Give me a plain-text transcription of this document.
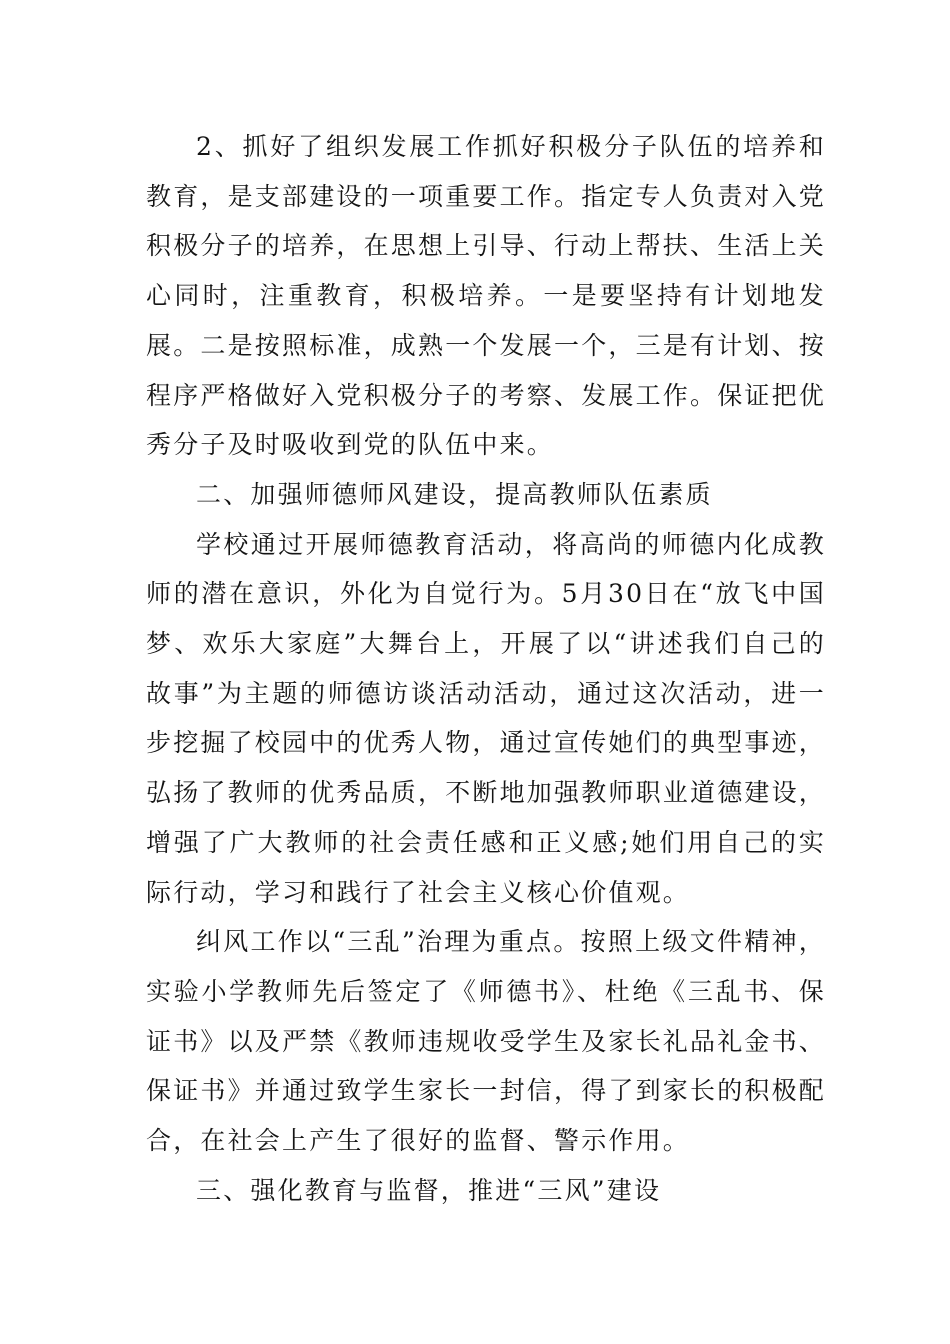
2、抓好了组织发展工作抓好积极分子队伍的培养和教育，是支部建设的一项重要工作。指定专人负责对入党积极分子的培养，在思想上引导、行动上帮扶、生活上关心同时，注重教育，积极培养。一是要坚持有计划地发展。二是按照标准，成熟一个发展一个，三是有计划、按程序严格做好入党积极分子的考察、发展工作。保证把优秀分子及时吸收到党的队伍中来。

二、加强师德师风建设，提高教师队伍素质

学校通过开展师德教育活动，将高尚的师德内化成教师的潜在意识，外化为自觉行为。5月30日在“放飞中国梦、欢乐大家庭”大舞台上，开展了以“讲述我们自己的故事”为主题的师德访谈活动活动，通过这次活动，进一步挖掘了校园中的优秀人物，通过宣传她们的典型事迹，弘扬了教师的优秀品质，不断地加强教师职业道德建设，增强了广大教师的社会责任感和正义感;她们用自己的实际行动，学习和践行了社会主义核心价值观。

纠风工作以“三乱”治理为重点。按照上级文件精神，实验小学教师先后签定了《师德书》、杜绝《三乱书、保证书》以及严禁《教师违规收受学生及家长礼品礼金书、保证书》并通过致学生家长一封信，得了到家长的积极配合，在社会上产生了很好的监督、警示作用。

三、强化教育与监督，推进“三风”建设
